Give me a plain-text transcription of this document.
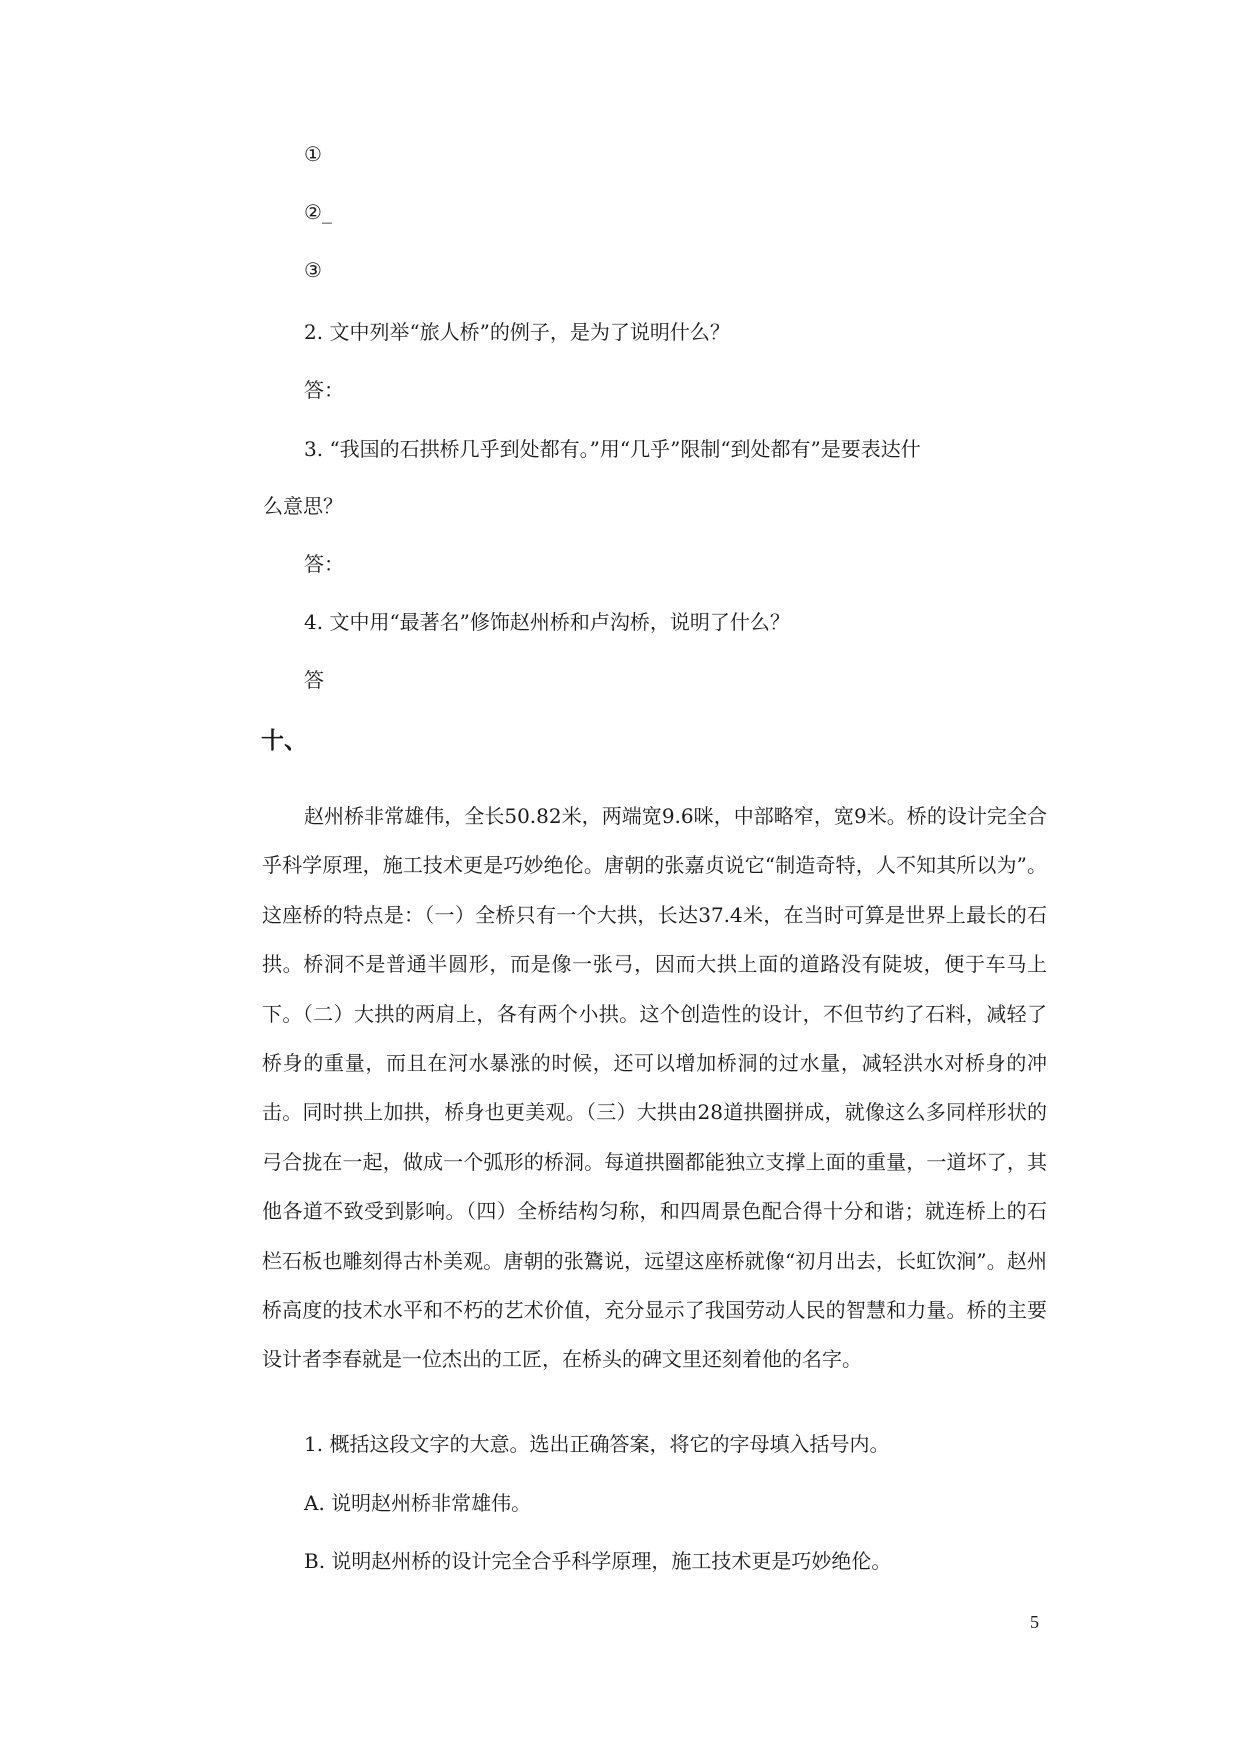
①
②_
③
2. 文中列举“旅人桥”的例子，是为了说明什么？
答：
3. “我国的石拱桥几乎到处都有。”用“几乎”限制“到处都有”是要表达什
么意思？
答：
4. 文中用“最著名”修饰赵州桥和卢沟桥，说明了什么？
答
十、

赵州桥非常雄伟，全长50.82米，两端宽9.6咪，中部略窄，宽9米。桥的设计完全合乎科学原理，施工技术更是巧妙绝伦。唐朝的张嘉贞说它“制造奇特，人不知其所以为”。这座桥的特点是：（一）全桥只有一个大拱，长达37.4米，在当时可算是世界上最长的石拱。桥洞不是普通半圆形，而是像一张弓，因而大拱上面的道路没有陡坡，便于车马上下。（二）大拱的两肩上，各有两个小拱。这个创造性的设计，不但节约了石料，减轻了桥身的重量，而且在河水暴涨的时候，还可以增加桥洞的过水量，减轻洪水对桥身的冲击。同时拱上加拱，桥身也更美观。（三）大拱由28道拱圈拼成，就像这么多同样形状的弓合拢在一起，做成一个弧形的桥洞。每道拱圈都能独立支撑上面的重量，一道坏了，其他各道不致受到影响。（四）全桥结构匀称，和四周景色配合得十分和谐；就连桥上的石栏石板也雕刻得古朴美观。唐朝的张鷟说，远望这座桥就像“初月出去，长虹饮涧”。赵州桥高度的技术水平和不朽的艺术价值，充分显示了我国劳动人民的智慧和力量。桥的主要设计者李春就是一位杰出的工匠，在桥头的碑文里还刻着他的名字。

1. 概括这段文字的大意。选出正确答案，将它的字母填入括号内。
A. 说明赵州桥非常雄伟。
B. 说明赵州桥的设计完全合乎科学原理，施工技术更是巧妙绝伦。
5
